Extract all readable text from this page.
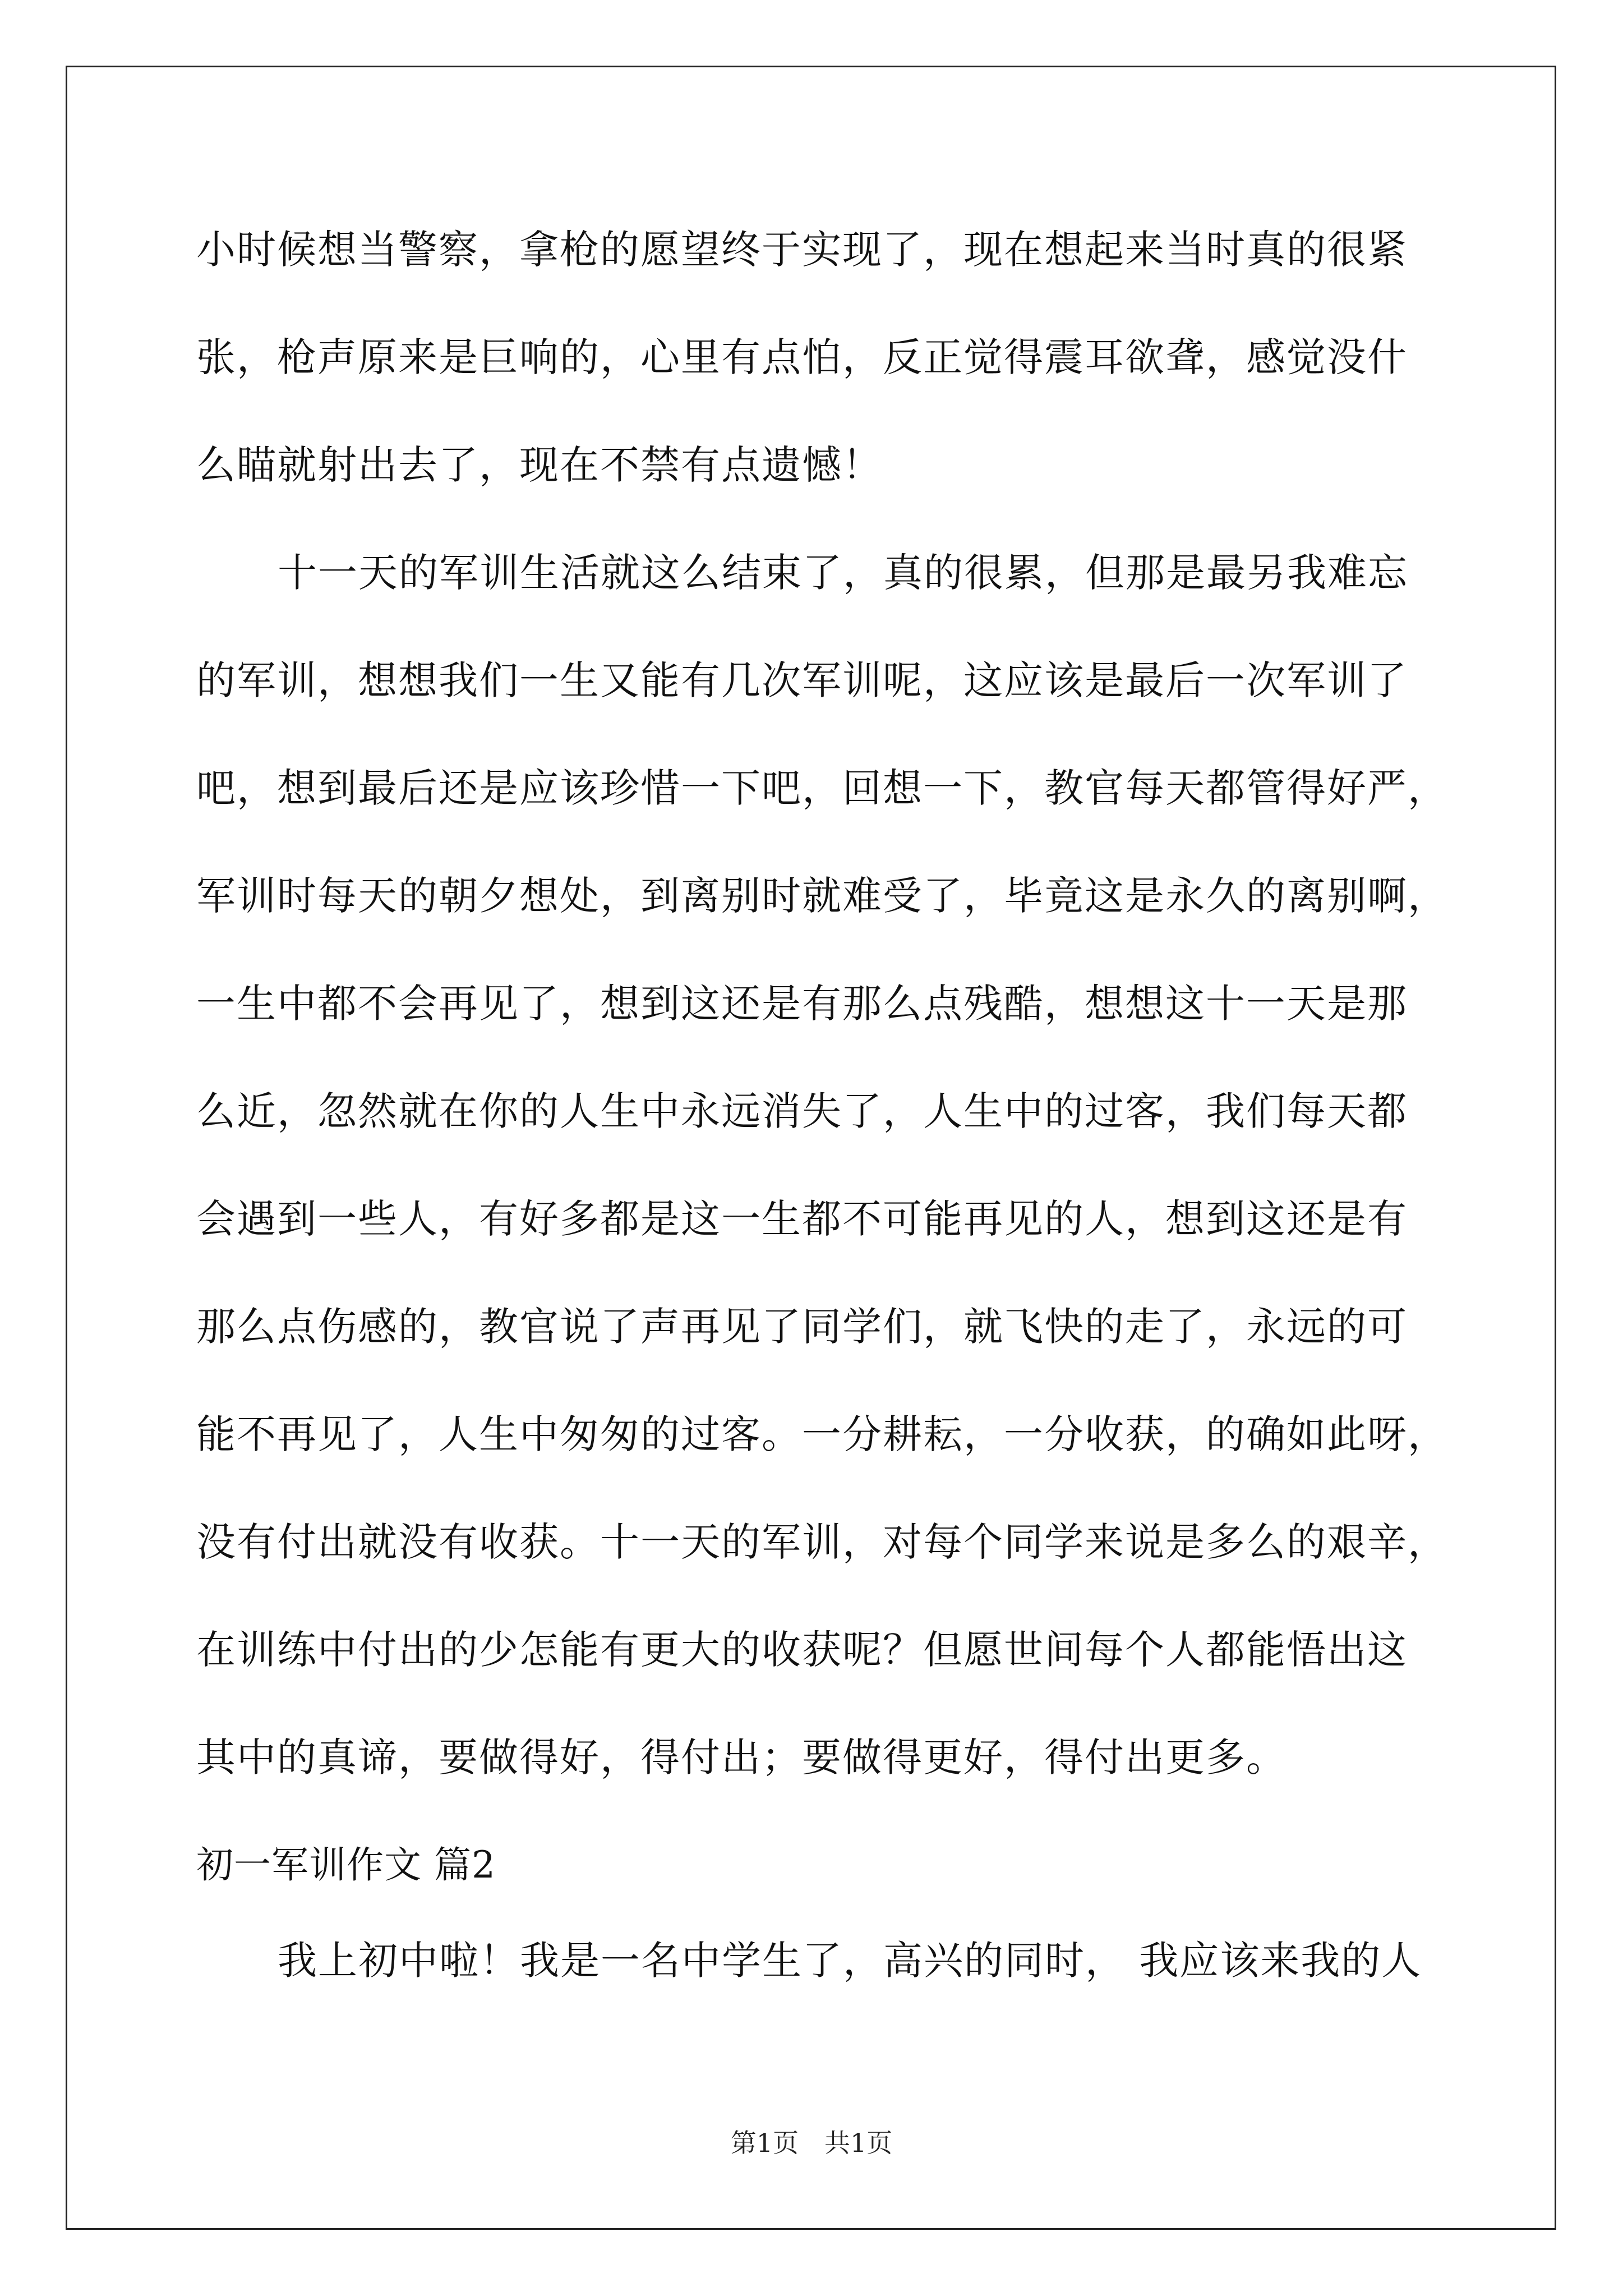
小时候想当警察，拿枪的愿望终于实现了，现在想起来当时真的很紧
张，枪声原来是巨响的，心里有点怕，反正觉得震耳欲聋，感觉没什
么瞄就射出去了，现在不禁有点遗憾！
十一天的军训生活就这么结束了，真的很累，但那是最另我难忘
的军训，想想我们一生又能有几次军训呢，这应该是最后一次军训了
吧，想到最后还是应该珍惜一下吧，回想一下，教官每天都管得好严，
军训时每天的朝夕想处，到离别时就难受了，毕竟这是永久的离别啊，
一生中都不会再见了，想到这还是有那么点残酷，想想这十一天是那
么近，忽然就在你的人生中永远消失了，人生中的过客，我们每天都
会遇到一些人，有好多都是这一生都不可能再见的人，想到这还是有
那么点伤感的，教官说了声再见了同学们，就飞快的走了，永远的可
能不再见了，人生中匆匆的过客。一分耕耘，一分收获，的确如此呀，
没有付出就没有收获。十一天的军训，对每个同学来说是多么的艰辛，
在训练中付出的少怎能有更大的收获呢？但愿世间每个人都能悟出这
其中的真谛，要做得好，得付出；要做得更好，得付出更多。
初一军训作文 篇2
我上初中啦！我是一名中学生了，高兴的同时， 我应该来我的人
第1页　共1页
